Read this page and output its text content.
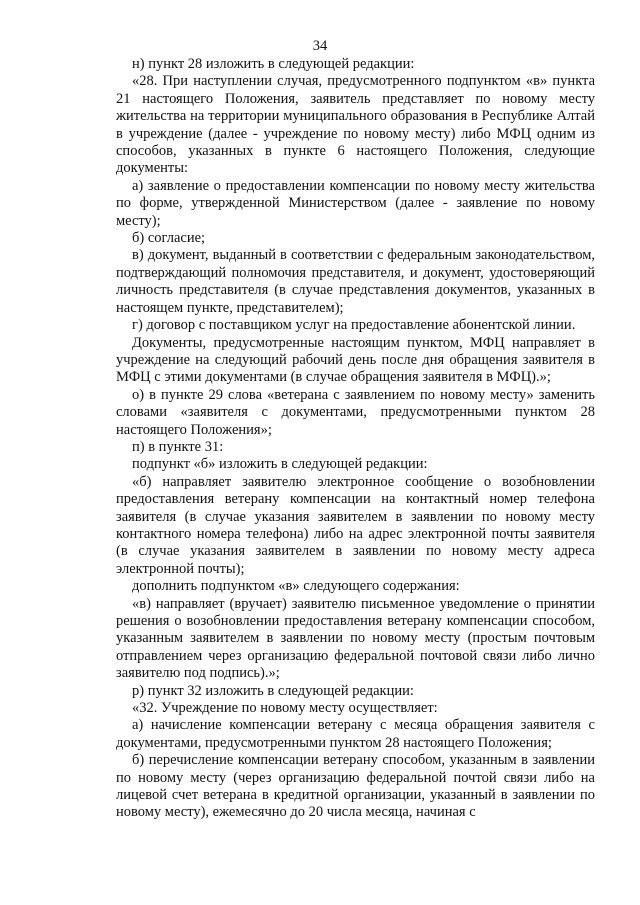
34

н) пункт 28 изложить в следующей редакции:

«28. При наступлении случая, предусмотренного подпунктом «в» пункта 21 настоящего Положения, заявитель представляет по новому месту жительства на территории муниципального образования в Республике Алтай в учреждение (далее - учреждение по новому месту) либо МФЦ одним из способов, указанных в пункте 6 настоящего Положения, следующие документы:

а) заявление о предоставлении компенсации по новому месту жительства по форме, утвержденной Министерством (далее - заявление по новому месту);

б) согласие;

в) документ, выданный в соответствии с федеральным законодательством, подтверждающий полномочия представителя, и документ, удостоверяющий личность представителя (в случае представления документов, указанных в настоящем пункте, представителем);

г) договор с поставщиком услуг на предоставление абонентской линии.

Документы, предусмотренные настоящим пунктом, МФЦ направляет в учреждение на следующий рабочий день после дня обращения заявителя в МФЦ с этими документами (в случае обращения заявителя в МФЦ).»;

о) в пункте 29 слова «ветерана с заявлением по новому месту» заменить словами «заявителя с документами, предусмотренными пунктом 28 настоящего Положения»;

п) в пункте 31:

подпункт «б» изложить в следующей редакции:

«б) направляет заявителю электронное сообщение о возобновлении предоставления ветерану компенсации на контактный номер телефона заявителя (в случае указания заявителем в заявлении по новому месту контактного номера телефона) либо на адрес электронной почты заявителя (в случае указания заявителем в заявлении по новому месту адреса электронной почты);

дополнить подпунктом «в» следующего содержания:

«в) направляет (вручает) заявителю письменное уведомление о принятии решения о возобновлении предоставления ветерану компенсации способом, указанным заявителем в заявлении по новому месту (простым почтовым отправлением через организацию федеральной почтовой связи либо лично заявителю под подпись).»;

р) пункт 32 изложить в следующей редакции:

«32. Учреждение по новому месту осуществляет:

а) начисление компенсации ветерану с месяца обращения заявителя с документами, предусмотренными пунктом 28 настоящего Положения;

б) перечисление компенсации ветерану способом, указанным в заявлении по новому месту (через организацию федеральной почтой связи либо на лицевой счет ветерана в кредитной организации, указанный в заявлении по новому месту), ежемесячно до 20 числа месяца, начиная с
